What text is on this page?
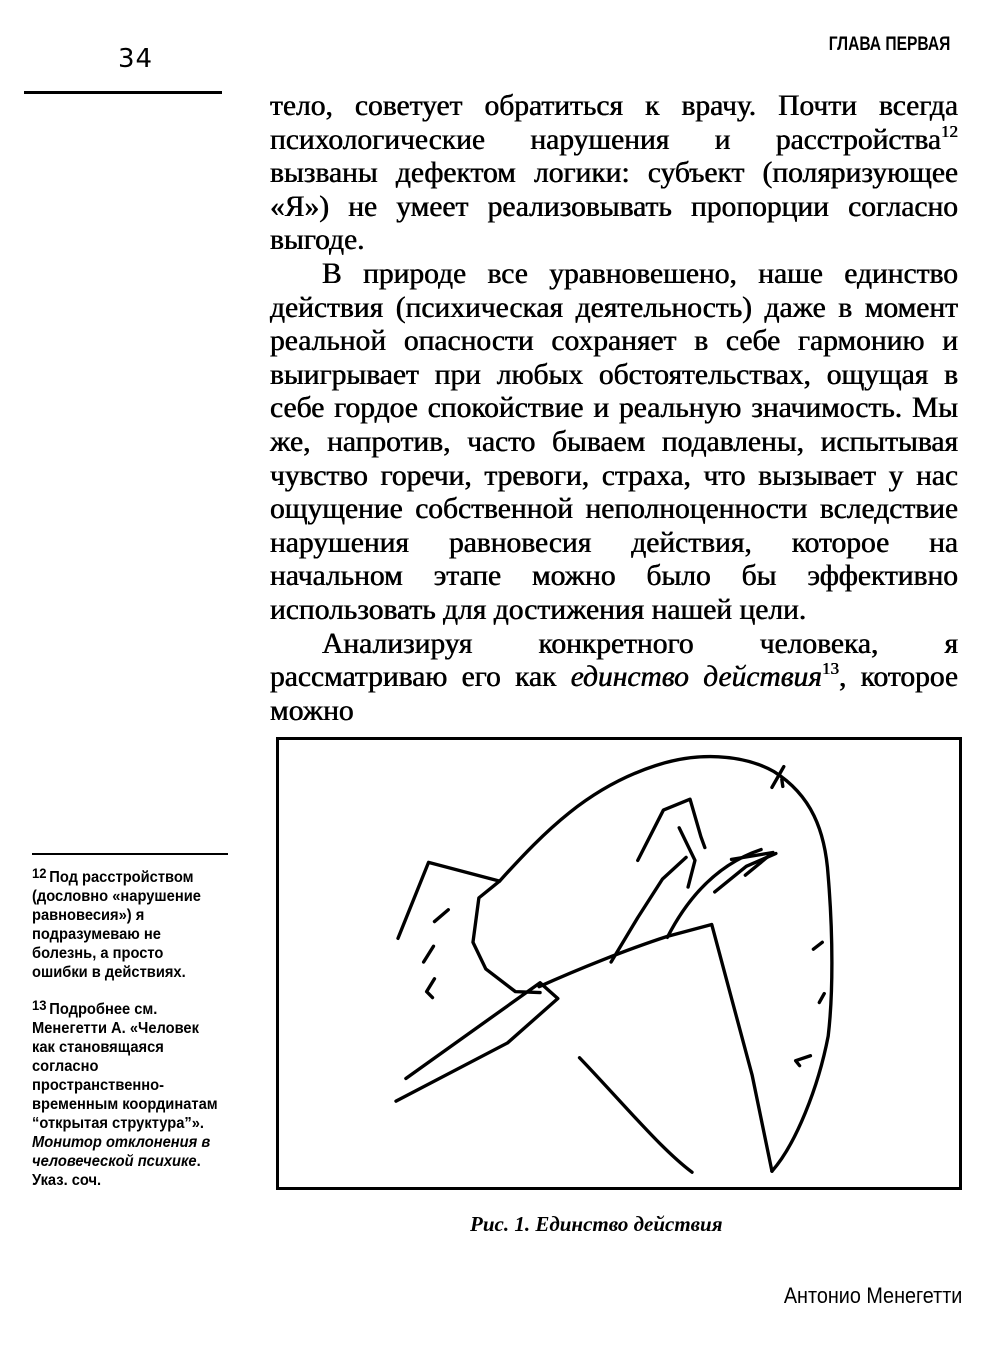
34	ГЛАВА ПЕРВАЯ

тело, советует обратиться к врачу. Почти всегда психологические нарушения и расстройства$^{12}$ вызваны дефектом логики: субъект (поляризующее «Я») не умеет реализовывать пропорции согласно выгоде.

В природе все уравновешено, наше единство действия (психическая деятельность) даже в момент реальной опасности сохраняет в себе гармонию и выигрывает при любых обстоятельствах, ощущая в себе гордое спокойствие и реальную значимость. Мы же, напротив, часто бываем подавлены, испытывая чувство горечи, тревоги, страха, что вызывает у нас ощущение собственной неполноценности вследствие нарушения равновесия действия, которое на начальном этапе можно было бы эффективно использовать для достижения нашей цели.

Анализируя конкретного человека, я рассматриваю его как единство действия$^{13}$, которое можно

Рис. 1. Единство действия

12 Под расстройством (дословно «нарушение равновесия») я подразумеваю не болезнь, а просто ошибки в действиях.

13 Подробнее см. Менегетти А. «Человек как становящаяся согласно пространственно-временным координатам “открытая структура”». Монитор отклонения в человеческой психике. Указ. соч.

Антонио Менегетти
